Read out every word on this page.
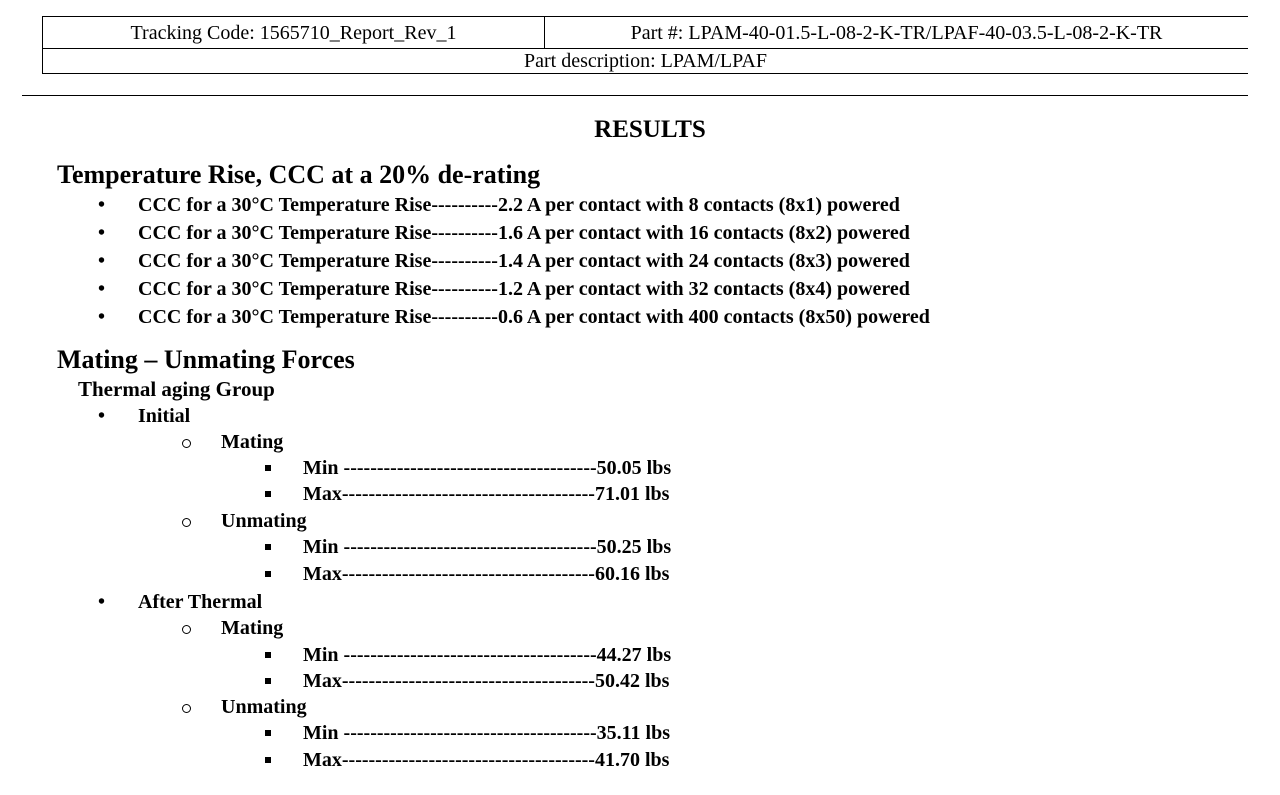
Tracking Code: 1565710_Report_Rev_1	Part #: LPAM-40-01.5-L-08-2-K-TR/LPAF-40-03.5-L-08-2-K-TR
Part description: LPAM/LPAF
RESULTS
Temperature Rise, CCC at a 20% de-rating
• CCC for a 30°C Temperature Rise----------2.2 A per contact with 8 contacts (8x1) powered
• CCC for a 30°C Temperature Rise----------1.6 A per contact with 16 contacts (8x2) powered
• CCC for a 30°C Temperature Rise----------1.4 A per contact with 24 contacts (8x3) powered
• CCC for a 30°C Temperature Rise----------1.2 A per contact with 32 contacts (8x4) powered
• CCC for a 30°C Temperature Rise----------0.6 A per contact with 400 contacts (8x50) powered
Mating – Unmating Forces
Thermal aging Group
• Initial
Mating
Min --------------------------------------50.05 lbs
Max--------------------------------------71.01 lbs
Unmating
Min --------------------------------------50.25 lbs
Max--------------------------------------60.16 lbs
• After Thermal
Mating
Min --------------------------------------44.27 lbs
Max--------------------------------------50.42 lbs
Unmating
Min --------------------------------------35.11 lbs
Max--------------------------------------41.70 lbs
